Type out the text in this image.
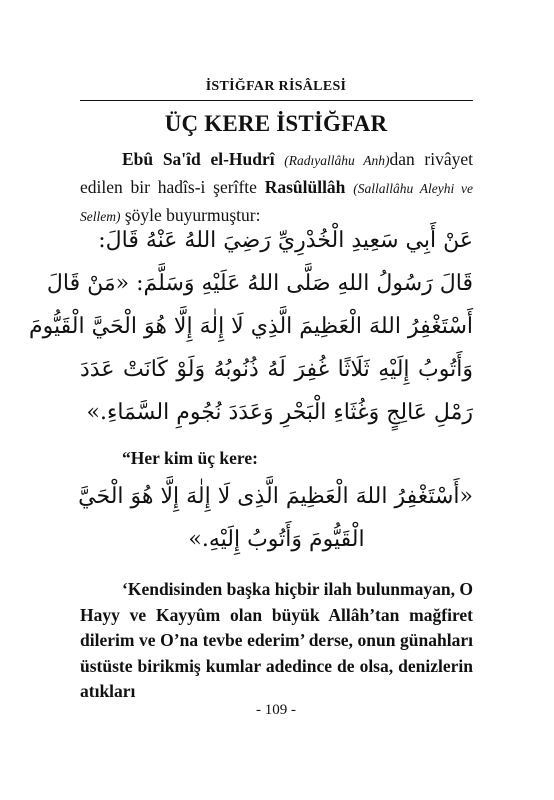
İSTİĞFAR RİSÂLESİ
ÜÇ KERE İSTİĞFAR

Ebû Sa'îd el-Hudrî (Radıyallâhu Anh)dan rivâyet edilen bir hadîs-i şerîfte Rasûlüllâh (Sallallâhu Aleyhi ve Sellem) şöyle buyurmuştur:

عَنْ أَبِي سَعِيدِ الْخُدْرِيِّ رَضِيَ اللهُ عَنْهُ قَالَ:
قَالَ رَسُولُ اللهِ صَلَّى اللهُ عَلَيْهِ وَسَلَّمَ: «مَنْ قَالَ
أَسْتَغْفِرُ اللهَ الْعَظِيمَ الَّذِي لَا إِلٰهَ إِلَّا هُوَ الْحَيَّ الْقَيُّومَ
وَأَتُوبُ إِلَيْهِ ثَلَاثًا غُفِرَ لَهُ ذُنُوبُهُ وَلَوْ كَانَتْ عَدَدَ
رَمْلِ عَالِجٍ وَغُثَاءِ الْبَحْرِ وَعَدَدَ نُجُومِ السَّمَاءِ.»
“Her kim üç kere:
«أَسْتَغْفِرُ اللهَ الْعَظِيمَ الَّذِى لَا إِلٰهَ إِلَّا هُوَ الْحَيَّ
الْقَيُّومَ وَأَتُوبُ إِلَيْهِ.»

‘Kendisinden başka hiçbir ilah bulunmayan, O Hayy ve Kayyûm olan büyük Allâh’tan mağfiret dilerim ve O’na tevbe ederim’ derse, onun günahları üstüste birikmiş kumlar adedince de olsa, denizlerin atıkları

- 109 -
